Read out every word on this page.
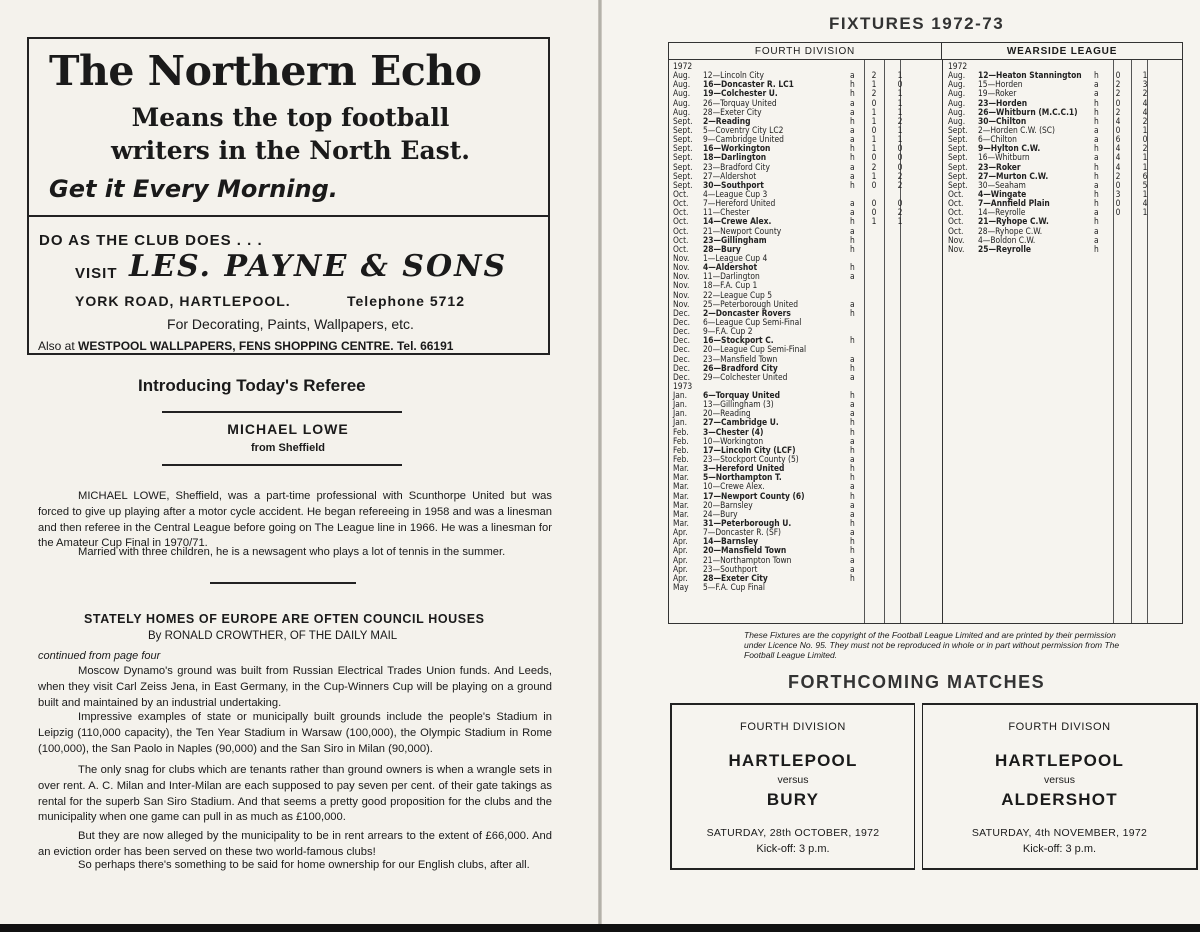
The Northern Echo
Means the top football
writers in the North East.
Get it Every Morning.
DO AS THE CLUB DOES . . .
VISIT LES. PAYNE & SONS
YORK ROAD, HARTLEPOOL.	Telephone 5712
For Decorating, Paints, Wallpapers, etc.
Also at WESTPOOL WALLPAPERS, FENS SHOPPING CENTRE. Tel. 66191
Introducing Today's Referee
MICHAEL LOWE
from Sheffield
MICHAEL LOWE, Sheffield, was a part-time professional with Scunthorpe United but was forced to give up playing after a motor cycle accident. He began refereeing in 1958 and was a linesman and then referee in the Central League before going on The League line in 1966. He was a linesman for the Amateur Cup Final in 1970/71.
Married with three children, he is a newsagent who plays a lot of tennis in the summer.
STATELY HOMES OF EUROPE ARE OFTEN COUNCIL HOUSES
By RONALD CROWTHER, OF THE DAILY MAIL
continued from page four
Moscow Dynamo's ground was built from Russian Electrical Trades Union funds. And Leeds, when they visit Carl Zeiss Jena, in East Germany, in the Cup-Winners Cup will be playing on a ground built and maintained by an industrial undertaking.
Impressive examples of state or municipally built grounds include the people's Stadium in Leipzig (110,000 capacity), the Ten Year Stadium in Warsaw (100,000), the Olympic Stadium in Rome (100,000), the San Paolo in Naples (90,000) and the San Siro in Milan (90,000).
The only snag for clubs which are tenants rather than ground owners is when a wrangle sets in over rent. A. C. Milan and Inter-Milan are each supposed to pay seven per cent. of their gate takings as rental for the superb San Siro Stadium. And that seems a pretty good proposition for the clubs and the municipality when one game can pull in as much as £100,000.
But they are now alleged by the municipality to be in rent arrears to the extent of £66,000. And an eviction order has been served on these two world-famous clubs!
So perhaps there's something to be said for home ownership for our English clubs, after all.
FIXTURES 1972-73
FOURTH DIVISION	WEARSIDE LEAGUE
1972
Aug. 12—Lincoln City	a 2	1
Aug. 16—Doncaster R. LC1	h 1	0
Aug. 19—Colchester U.	h 2	1
Aug. 26—Torquay United	a 0	1
Aug. 28—Exeter City	a 1	1
Sept. 2—Reading	h 1	2
Sept. 5—Coventry City LC2	a 0	1
Sept. 9—Cambridge United	a 1	1
Sept. 16—Workington	h 1	0
Sept. 18—Darlington	h 0	0
Sept. 23—Bradford City	a 2	0
Sept. 27—Aldershot	a 1	2
Sept. 30—Southport	h 0	2
Oct. 4—League Cup 3
Oct. 7—Hereford United	a 0	0
Oct. 11—Chester	a 0	2
Oct. 14—Crewe Alex.	h 1	1
Oct. 21—Newport County	a
Oct. 23—Gillingham	h
Oct. 28—Bury	h
Nov. 1—League Cup 4
Nov. 4—Aldershot	h
Nov. 11—Darlington	a
Nov. 18—F.A. Cup 1
Nov. 22—League Cup 5
Nov. 25—Peterborough United	a
Dec. 2—Doncaster Rovers	h
Dec. 6—League Cup Semi-Final
Dec. 9—F.A. Cup 2
Dec. 16—Stockport C.	h
Dec. 20—League Cup Semi-Final
Dec. 23—Mansfield Town	a
Dec. 26—Bradford City	h
Dec. 29—Colchester United	a
1973
Jan. 6—Torquay United	h
Jan. 13—Gillingham (3)	a
Jan. 20—Reading	a
Jan. 27—Cambridge U.	h
Feb. 3—Chester (4)	h
Feb. 10—Workington	a
Feb. 17—Lincoln City (LCF)	h
Feb. 23—Stockport County (5)	a
Mar. 3—Hereford United	h
Mar. 5—Northampton T.	h
Mar. 10—Crewe Alex.	a
Mar. 17—Newport County (6)	h
Mar. 20—Barnsley	a
Mar. 24—Bury	a
Mar. 31—Peterborough U.	h
Apr. 7—Doncaster R. (SF)	a
Apr. 14—Barnsley	h
Apr. 20—Mansfield Town	h
Apr. 21—Northampton Town	a
Apr. 23—Southport	a
Apr. 28—Exeter City	h
May 5—F.A. Cup Final
1972
Aug. 12—Heaton Stannington h 0	1
Aug. 15—Horden	a 2	3
Aug. 19—Roker	a 2	2
Aug. 23—Horden	h 0	4
Aug. 26—Whitburn (M.C.C.1) h 2	4
Aug. 30—Chilton	h 4	2
Sept. 2—Horden C.W. (SC)	a 0	1
Sept. 6—Chilton	a 6	0
Sept. 9—Hylton C.W.	h 4	2
Sept. 16—Whitburn	a 4	1
Sept. 23—Roker	h 4	1
Sept. 27—Murton C.W.	h 2	6
Sept. 30—Seaham	a 0	5
Oct. 4—Wingate	h 3	1
Oct. 7—Annfield Plain	h 0	4
Oct. 14—Reyrolle	a 0	1
Oct. 21—Ryhope C.W.	h
Oct. 28—Ryhope C.W.	a
Nov. 4—Boldon C.W.	a
Nov. 25—Reyrolle	h
These Fixtures are the copyright of the Football League Limited and are printed by their permission under Licence No. 95. They must not be reproduced in whole or in part without permission from The Football League Limited.
FORTHCOMING MATCHES
FOURTH DIVISION
HARTLEPOOL
versus
BURY
SATURDAY, 28th OCTOBER, 1972
Kick-off: 3 p.m.
FOURTH DIVISON
HARTLEPOOL
versus
ALDERSHOT
SATURDAY, 4th NOVEMBER, 1972
Kick-off: 3 p.m.
